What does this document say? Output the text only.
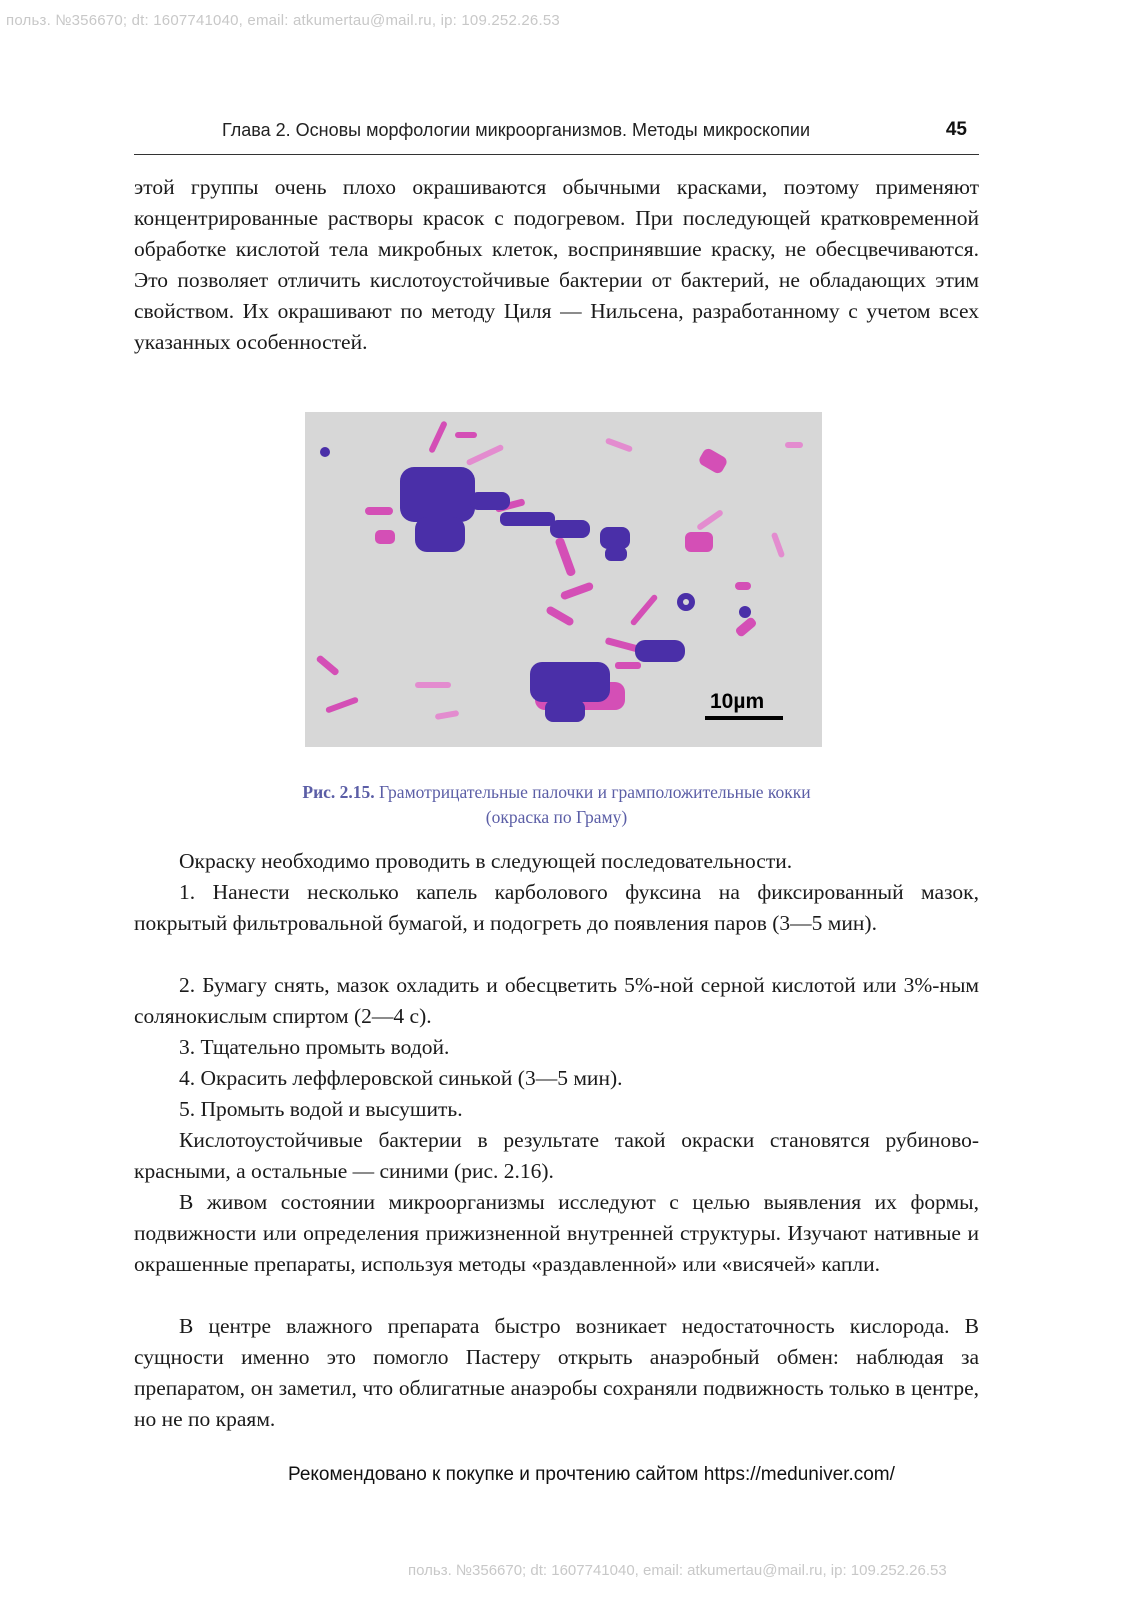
польз. №356670; dt: 1607741040, email: atkumertau@mail.ru, ip: 109.252.26.53
Глава 2. Основы морфологии микроорганизмов. Методы микроскопии	45

этой группы очень плохо окрашиваются обычными красками, поэтому применяют концентрированные растворы красок с подогревом. При последующей кратковременной обработке кислотой тела микробных клеток, воспринявшие краску, не обесцвечиваются. Это позволяет отличить кислотоустойчивые бактерии от бактерий, не обладающих этим свойством. Их окрашивают по методу Циля — Нильсена, разработанному с учетом всех указанных особенностей.

10µm
Рис. 2.15. Грамотрицательные палочки и грамположительные кокки
(окраска по Граму)

Окраску необходимо проводить в следующей последовательности.

1. Нанести несколько капель карболового фуксина на фиксированный мазок, покрытый фильтровальной бумагой, и подогреть до появления паров (3—5 мин).

2. Бумагу снять, мазок охладить и обесцветить 5%-ной серной кислотой или 3%-ным солянокислым спиртом (2—4 с).

3. Тщательно промыть водой.

4. Окрасить леффлеровской синькой (3—5 мин).

5. Промыть водой и высушить.

Кислотоустойчивые бактерии в результате такой окраски становятся рубиново-красными, а остальные — синими (рис. 2.16).

В живом состоянии микроорганизмы исследуют с целью выявления их формы, подвижности или определения прижизненной внутренней структуры. Изучают нативные и окрашенные препараты, используя методы «раздавленной» или «висячей» капли.

В центре влажного препарата быстро возникает недостаточность кислорода. В сущности именно это помогло Пастеру открыть анаэробный обмен: наблюдая за препаратом, он заметил, что облигатные анаэробы сохраняли подвижность только в центре, но не по краям.

Рекомендовано к покупке и прочтению сайтом https://meduniver.com/
польз. №356670; dt: 1607741040, email: atkumertau@mail.ru, ip: 109.252.26.53
